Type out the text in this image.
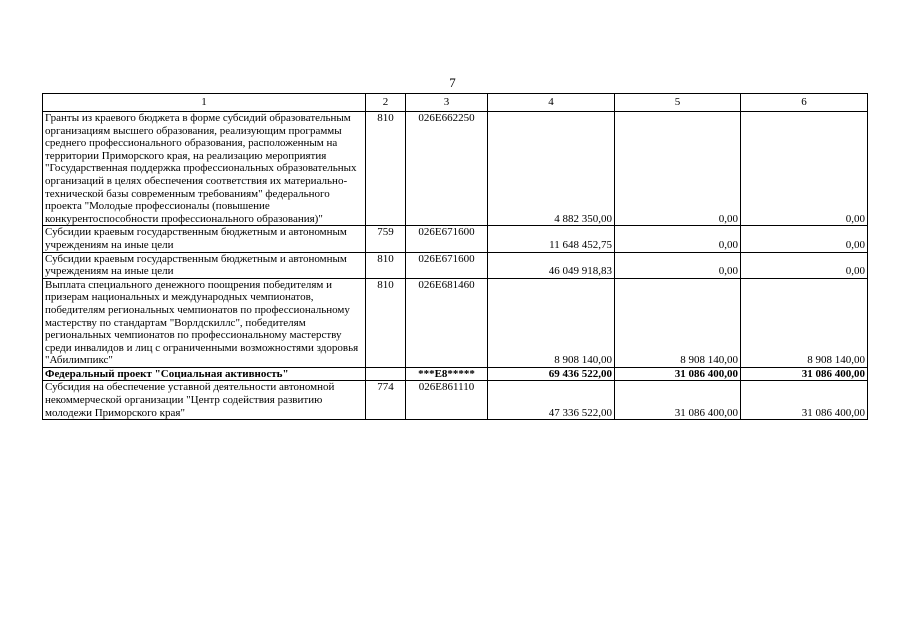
7
1	2	3	4	5	6
Гранты из краевого бюджета в форме субсидий образовательным организациям высшего образования, реализующим программы среднего профессионального образования, расположенным на территории Приморского края, на реализацию мероприятия "Государственная поддержка профессиональных образовательных организаций в целях обеспечения соответствия их материально-технической базы современным требованиям" федерального проекта "Молодые профессионалы (повышение конкурентоспособности профессионального образования)"	810	026E662250	4 882 350,00	0,00	0,00
Субсидии краевым государственным бюджетным и автономным учреждениям на иные цели	759	026E671600	11 648 452,75	0,00	0,00
Субсидии краевым государственным бюджетным и автономным учреждениям на иные цели	810	026E671600	46 049 918,83	0,00	0,00
Выплата специального денежного поощрения победителям и призерам национальных и международных чемпионатов, победителям региональных чемпионатов по профессиональному мастерству по стандартам "Ворлдскиллс", победителям региональных чемпионатов по профессиональному мастерству среди инвалидов и лиц с ограниченными возможностями здоровья "Абилимпикс"	810	026E681460	8 908 140,00	8 908 140,00	8 908 140,00
Федеральный проект "Социальная активность"		***E8*****	69 436 522,00	31 086 400,00	31 086 400,00
Субсидия на обеспечение уставной деятельности автономной некоммерческой организации "Центр содействия развитию молодежи Приморского края"	774	026E861110	47 336 522,00	31 086 400,00	31 086 400,00
